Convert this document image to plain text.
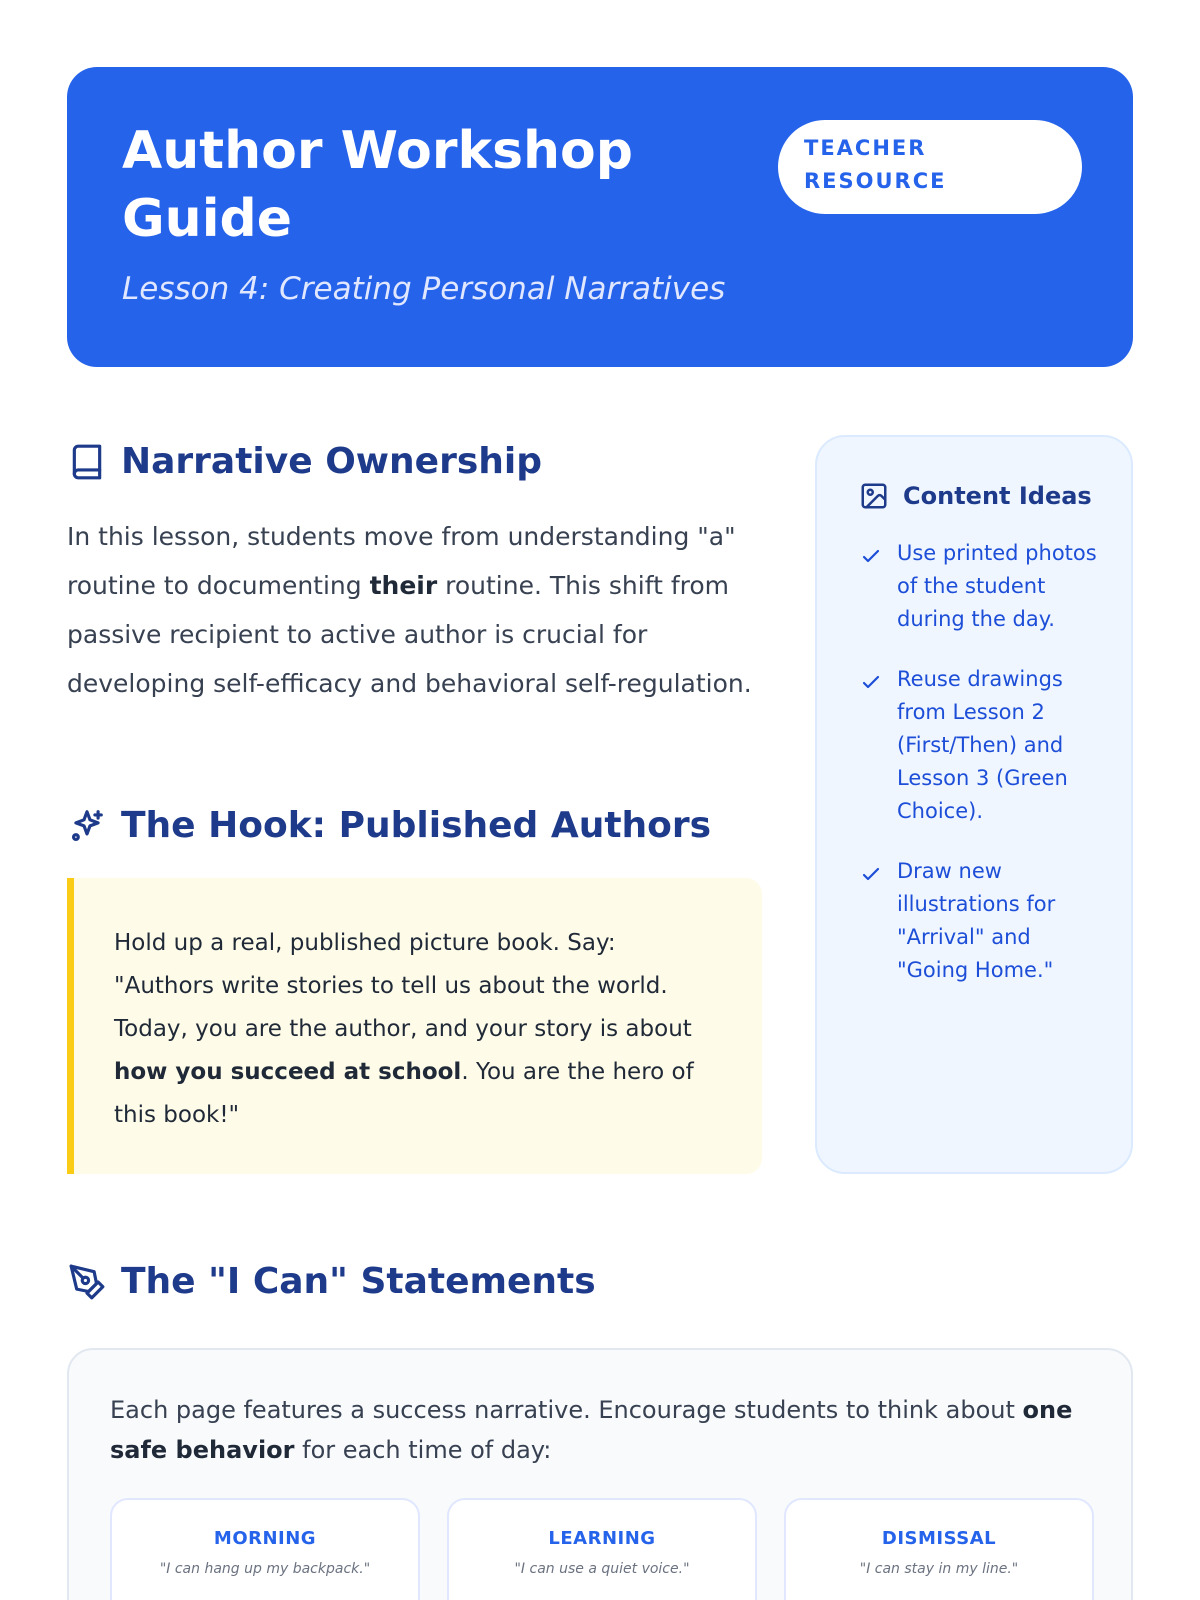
Author Workshop Guide
Lesson 4: Creating Personal Narratives
TEACHER RESOURCE
Narrative Ownership

In this lesson, students move from understanding "a" routine to documenting their routine. This shift from passive recipient to active author is crucial for developing self-efficacy and behavioral self-regulation.

The Hook: Published Authors

Hold up a real, published picture book. Say: "Authors write stories to tell us about the world. Today, you are the author, and your story is about how you succeed at school. You are the hero of this book!"

Content Ideas
Use printed photos of the student during the day.
Reuse drawings from Lesson 2 (First/Then) and Lesson 3 (Green Choice).
Draw new illustrations for "Arrival" and "Going Home."
The "I Can" Statements

Each page features a success narrative. Encourage students to think about one safe behavior for each time of day:

MORNING
"I can hang up my backpack."
LEARNING
"I can use a quiet voice."
DISMISSAL
"I can stay in my line."
